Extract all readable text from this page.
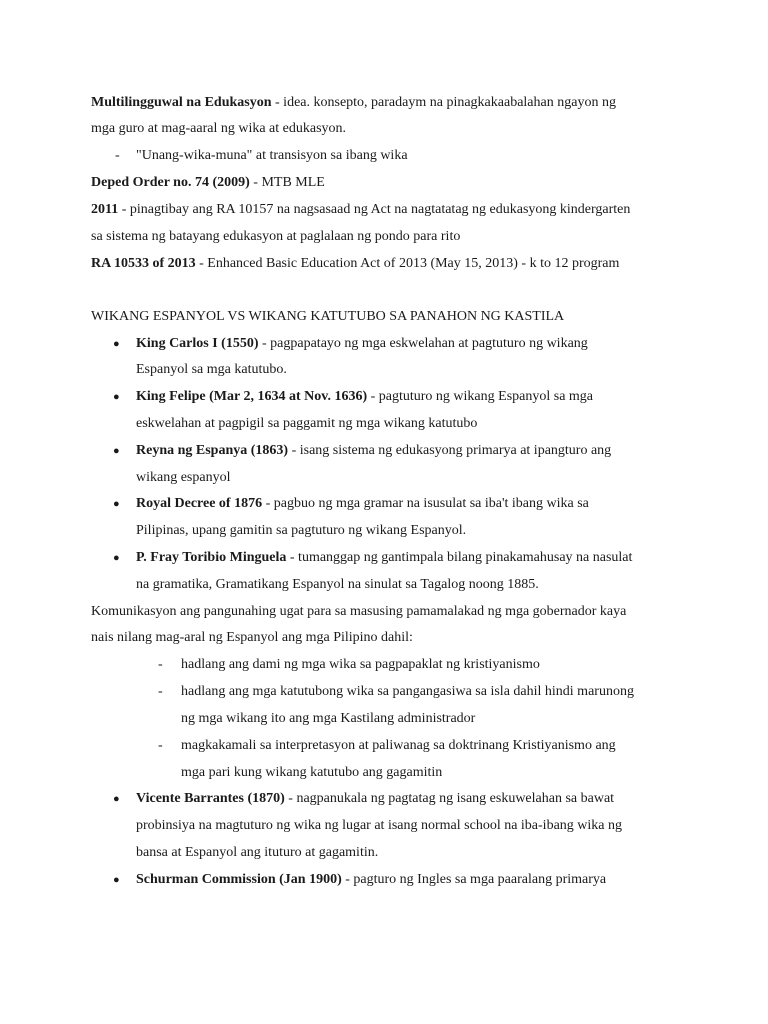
Multilingguwal na Edukasyon - idea. konsepto, paradaym na pinagkakaabalahan ngayon ng
mga guro at mag-aaral ng wika at edukasyon.
- "Unang-wika-muna" at transisyon sa ibang wika
Deped Order no. 74 (2009) - MTB MLE
2011 - pinagtibay ang RA 10157 na nagsasaad ng Act na nagtatatag ng edukasyong kindergarten
sa sistema ng batayang edukasyon at paglalaan ng pondo para rito
RA 10533 of 2013 - Enhanced Basic Education Act of 2013 (May 15, 2013) - k to 12 program
WIKANG ESPANYOL VS WIKANG KATUTUBO SA PANAHON NG KASTILA
● King Carlos I (1550) - pagpapatayo ng mga eskwelahan at pagtuturo ng wikang
Espanyol sa mga katutubo.
● King Felipe (Mar 2, 1634 at Nov. 1636) - pagtuturo ng wikang Espanyol sa mga
eskwelahan at pagpigil sa paggamit ng mga wikang katutubo
● Reyna ng Espanya (1863) - isang sistema ng edukasyong primarya at ipangturo ang
wikang espanyol
● Royal Decree of 1876 - pagbuo ng mga gramar na isusulat sa iba't ibang wika sa
Pilipinas, upang gamitin sa pagtuturo ng wikang Espanyol.
● P. Fray Toribio Minguela - tumanggap ng gantimpala bilang pinakamahusay na nasulat
na gramatika, Gramatikang Espanyol na sinulat sa Tagalog noong 1885.
Komunikasyon ang pangunahing ugat para sa masusing pamamalakad ng mga gobernador kaya
nais nilang mag-aral ng Espanyol ang mga Pilipino dahil:
- hadlang ang dami ng mga wika sa pagpapaklat ng kristiyanismo
- hadlang ang mga katutubong wika sa pangangasiwa sa isla dahil hindi marunong
ng mga wikang ito ang mga Kastilang administrador
- magkakamali sa interpretasyon at paliwanag sa doktrinang Kristiyanismo ang
mga pari kung wikang katutubo ang gagamitin
● Vicente Barrantes (1870) - nagpanukala ng pagtatag ng isang eskuwelahan sa bawat
probinsiya na magtuturo ng wika ng lugar at isang normal school na iba-ibang wika ng
bansa at Espanyol ang ituturo at gagamitin.
● Schurman Commission (Jan 1900) - pagturo ng Ingles sa mga paaralang primarya
